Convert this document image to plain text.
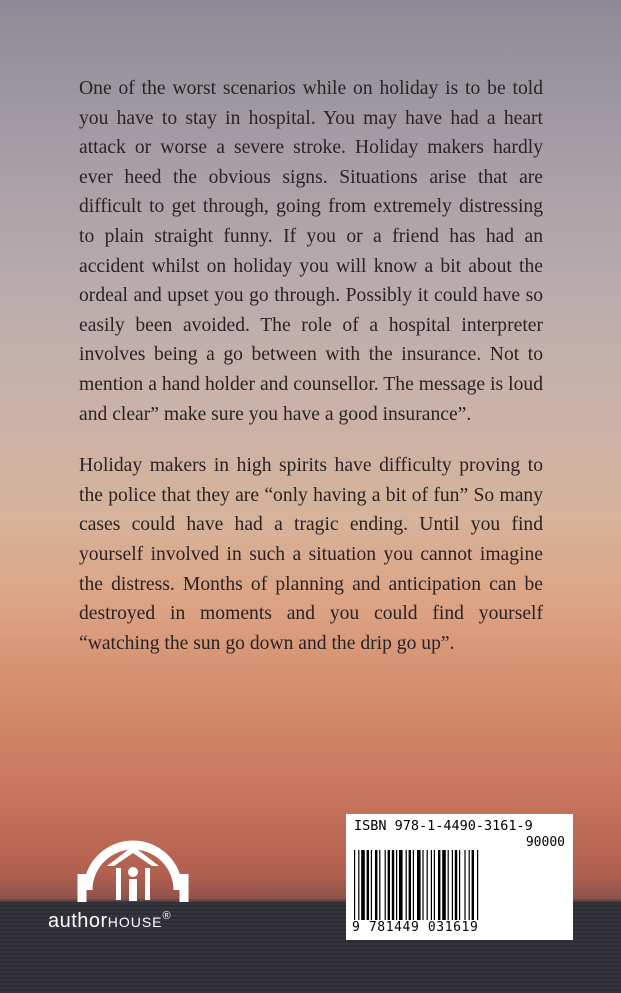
One of the worst scenarios while on holiday is to be told you have to stay in hospital. You may have had a heart attack or worse a severe stroke. Holiday makers hardly ever heed the obvious signs. Situations arise that are difficult to get through, going from extremely distressing to plain straight funny. If you or a friend has had an accident whilst on holiday you will know a bit about the ordeal and upset you go through. Possibly it could have so easily been avoided. The role of a hospital interpreter involves being a go between with the insurance. Not to mention a hand holder and counsellor. The message is loud and clear” make sure you have a good insurance”.

Holiday makers in high spirits have difficulty proving to the police that they are “only having a bit of fun” So many cases could have had a tragic ending. Until you find yourself involved in such a situation you cannot imagine the distress. Months of planning and anticipation can be destroyed in moments and you could find yourself “watching the sun go down and the drip go up”.

authorHOUSE®
ISBN 978-1-4490-3161-9
90000
9 781449 031619
